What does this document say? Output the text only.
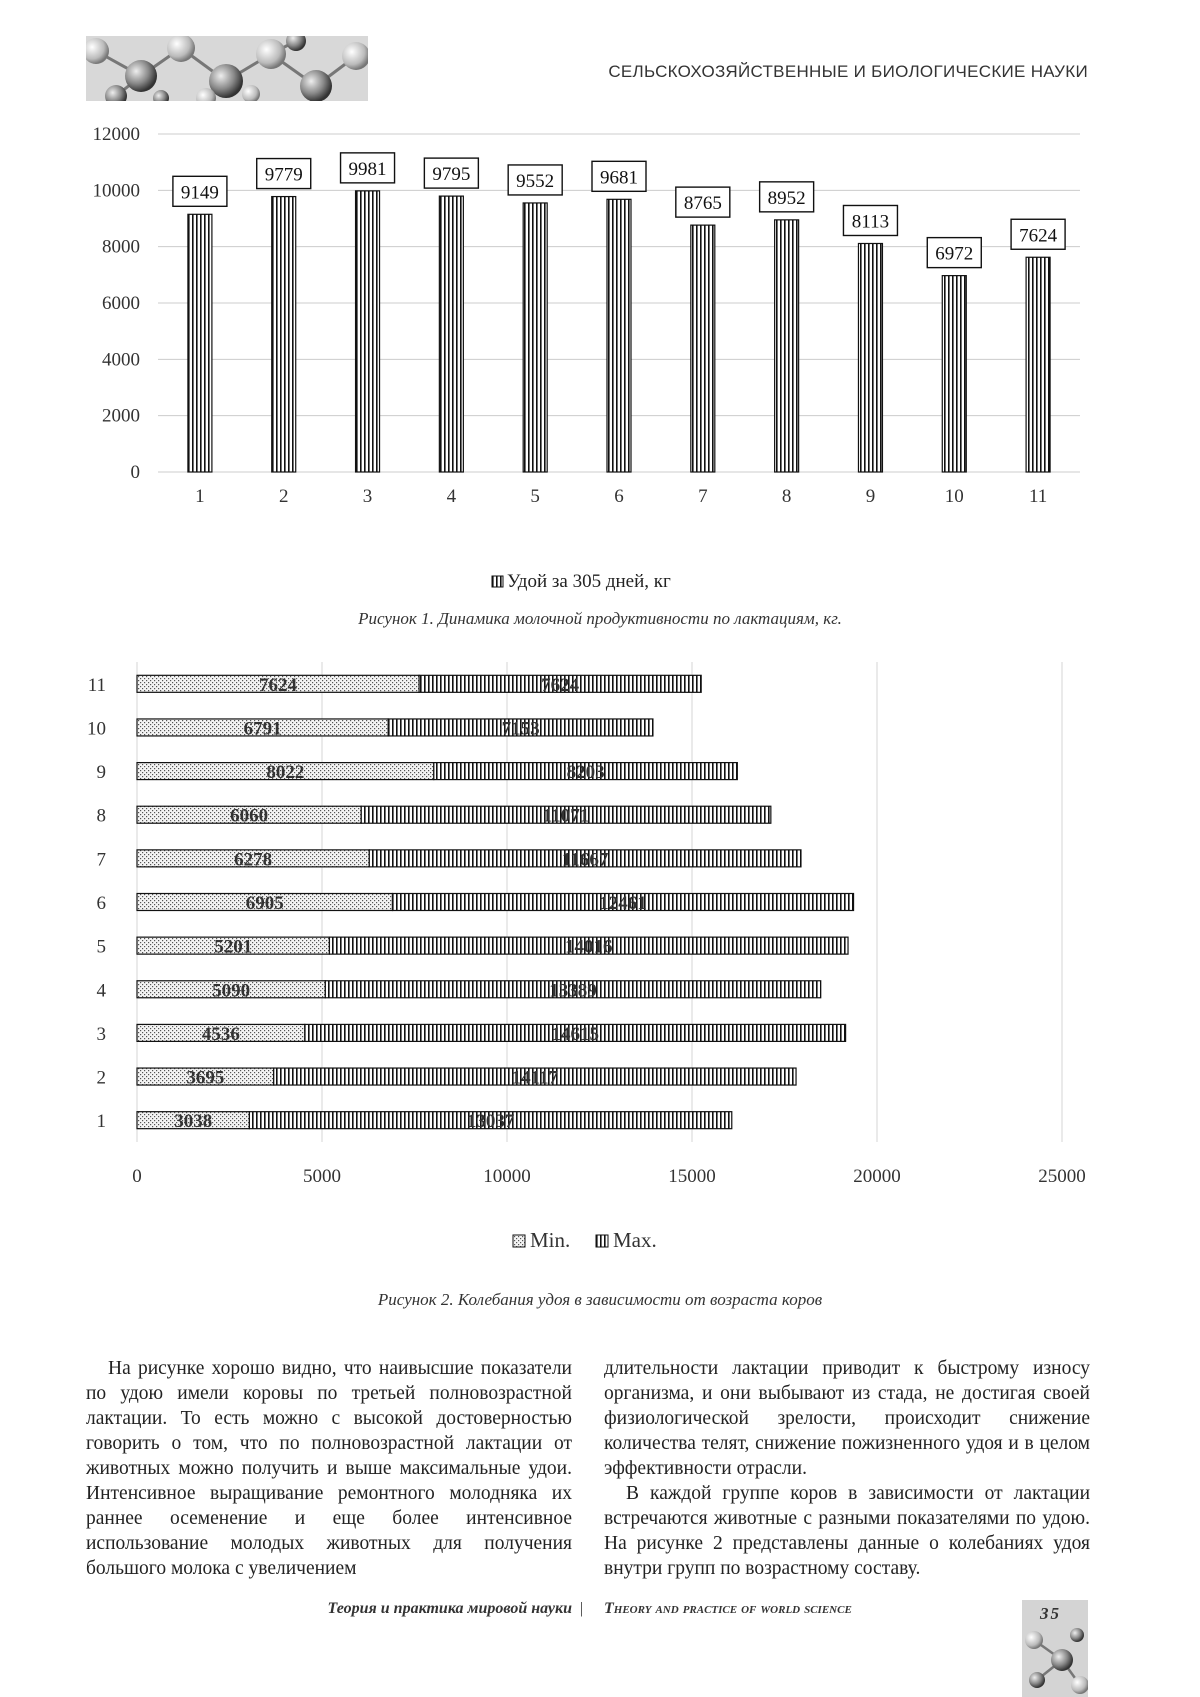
СЕЛЬСКОХОЗЯЙСТВЕННЫЕ И БИОЛОГИЧЕСКИЕ НАУКИ
12000
10000
8000
6000
4000
2000
0
9149
9779 9981 9795 9552 9681
8765 8952
8113
6972
7624
1	2	3	4	5	6	7	8	9	10	11
Удой за 305 дней, кг
Рисунок 1. Динамика молочной продуктивности по лактациям, кг.
3038	13037
3695	14117
4536	14615
5090	13389
5201	14016
6905	12461
6278	11667
6060	11071
8022	8203
6791	7153
7624	7624
1
2
3
4
5
6
7
8
9
10
11
0	5000	10000	15000	20000	25000
Min. Max.
Рисунок 2. Колебания удоя в зависимости от возраста коров

На рисунке хорошо видно, что наивысшие показатели по удою имели коровы по третьей полновозрастной лактации. То есть можно с высокой достоверностью говорить о том, что по полновозрастной лактации от животных можно получить и выше максимальные удои. Интенсивное выращивание ремонтного молодняка их раннее осеменение и еще более интенсивное использование молодых животных для получения большого молока с увеличением

длительности лактации приводит к быстрому износу организма, и они выбывают из стада, не достигая своей физиологической зрелости, происходит снижение количества телят, снижение пожизненного удоя и в целом эффективности отрасли.

В каждой группе коров в зависимости от лактации встречаются животные с разными показателями по удою. На рисунке 2 представлены данные о колебаниях удоя внутри групп по возрастному составу.

Теория и практика мировой науки | Theory and practice of world science	35
